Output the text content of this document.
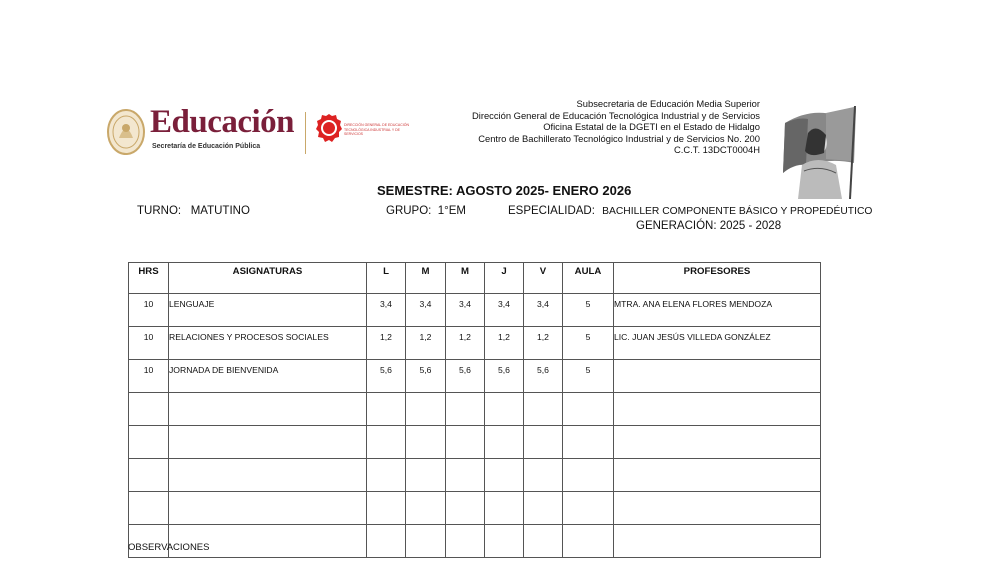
Educación
Secretaría de Educación Pública
DIRECCIÓN GENERAL DE EDUCACIÓN TECNOLÓGICA INDUSTRIAL Y DE SERVICIOS
Subsecretaria de Educación Media Superior
Dirección General de Educación Tecnológica Industrial y de Servicios
Oficina Estatal de la DGETI en el Estado de Hidalgo
Centro de Bachillerato Tecnológico Industrial y de Servicios No. 200
C.C.T. 13DCT0004H
SEMESTRE: AGOSTO 2025- ENERO 2026
TURNO: MATUTINO	GRUPO: 1°EM	ESPECIALIDAD: BACHILLER COMPONENTE BÁSICO Y PROPEDÉUTICO
GENERACIÓN: 2025 - 2028
HRS	ASIGNATURAS	L	M	M	J	V	AULA	PROFESORES
10	LENGUAJE	3,4	3,4	3,4	3,4	3,4	5	MTRA. ANA ELENA FLORES MENDOZA
10	RELACIONES Y PROCESOS SOCIALES	1,2	1,2	1,2	1,2	1,2	5	LIC. JUAN JESÚS VILLEDA GONZÁLEZ
10	JORNADA DE BIENVENIDA	5,6	5,6	5,6	5,6	5,6	5	

OBSERVACIONES
